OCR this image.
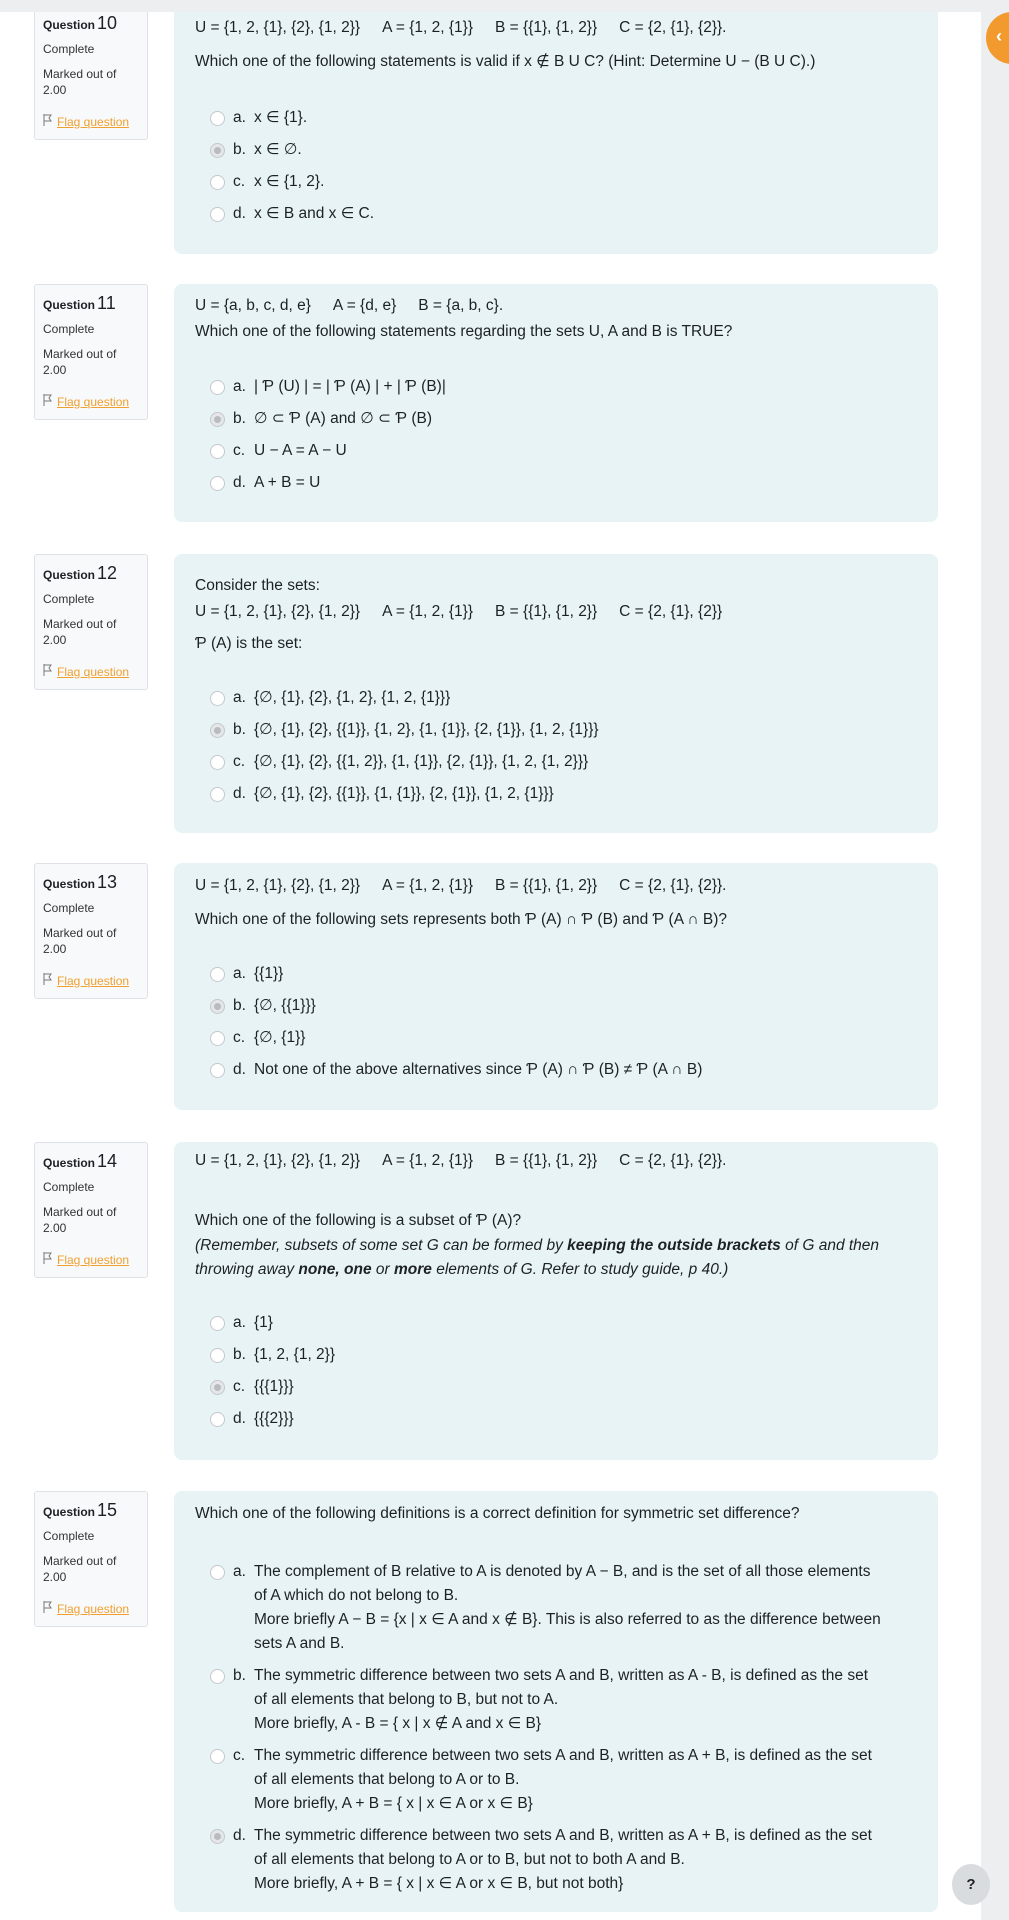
‹
Question 10
Complete
Marked out of
2.00
Flag question
U = {1, 2, {1}, {2}, {1, 2}} A = {1, 2, {1}} B = {{1}, {1, 2}} C = {2, {1}, {2}}.
Which one of the following statements is valid if x ∉ B U C? (Hint: Determine U − (B U C).)
a. x ∈ {1}.
b. x ∈ ∅.
c. x ∈ {1, 2}.
d. x ∈ B and x ∈ C.
Question 11
Complete
Marked out of
2.00
Flag question
U = {a, b, c, d, e} A = {d, e} B = {a, b, c}.
Which one of the following statements regarding the sets U, A and B is TRUE?
a. | Ƥ (U) | = | Ƥ (A) | + | Ƥ (B)|
b. ∅ ⊂ Ƥ (A) and ∅ ⊂ Ƥ (B)
c. U − A = A − U
d. A + B = U
Question 12
Complete
Marked out of
2.00
Flag question
Consider the sets:
U = {1, 2, {1}, {2}, {1, 2}} A = {1, 2, {1}} B = {{1}, {1, 2}} C = {2, {1}, {2}}
Ƥ (A) is the set:
a. {∅, {1}, {2}, {1, 2}, {1, 2, {1}}}
b. {∅, {1}, {2}, {{1}}, {1, 2}, {1, {1}}, {2, {1}}, {1, 2, {1}}}
c. {∅, {1}, {2}, {{1, 2}}, {1, {1}}, {2, {1}}, {1, 2, {1, 2}}}
d. {∅, {1}, {2}, {{1}}, {1, {1}}, {2, {1}}, {1, 2, {1}}}
Question 13
Complete
Marked out of
2.00
Flag question
U = {1, 2, {1}, {2}, {1, 2}} A = {1, 2, {1}} B = {{1}, {1, 2}} C = {2, {1}, {2}}.
Which one of the following sets represents both Ƥ (A) ∩ Ƥ (B) and Ƥ (A ∩ B)?
a. {{1}}
b. {∅, {{1}}}
c. {∅, {1}}
d. Not one of the above alternatives since Ƥ (A) ∩ Ƥ (B) ≠ Ƥ (A ∩ B)
Question 14
Complete
Marked out of
2.00
Flag question
U = {1, 2, {1}, {2}, {1, 2}} A = {1, 2, {1}} B = {{1}, {1, 2}} C = {2, {1}, {2}}.
Which one of the following is a subset of Ƥ (A)?
(Remember, subsets of some set G can be formed by keeping the outside brackets of G and then throwing away none, one or more elements of G. Refer to study guide, p 40.)
a. {1}
b. {1, 2, {1, 2}}
c. {{{1}}}
d. {{{2}}}
Question 15
Complete
Marked out of
2.00
Flag question
Which one of the following definitions is a correct definition for symmetric set difference?
a. The complement of B relative to A is denoted by A − B, and is the set of all those elements
of A which do not belong to B.
More briefly A − B = {x | x ∈ A and x ∉ B}. This is also referred to as the difference between
sets A and B.
b. The symmetric difference between two sets A and B, written as A - B, is defined as the set
of all elements that belong to B, but not to A.
More briefly, A - B = { x | x ∉ A and x ∈ B}
c. The symmetric difference between two sets A and B, written as A + B, is defined as the set
of all elements that belong to A or to B.
More briefly, A + B = { x | x ∈ A or x ∈ B}
d. The symmetric difference between two sets A and B, written as A + B, is defined as the set
of all elements that belong to A or to B, but not to both A and B.
More briefly, A + B = { x | x ∈ A or x ∈ B, but not both}	?
